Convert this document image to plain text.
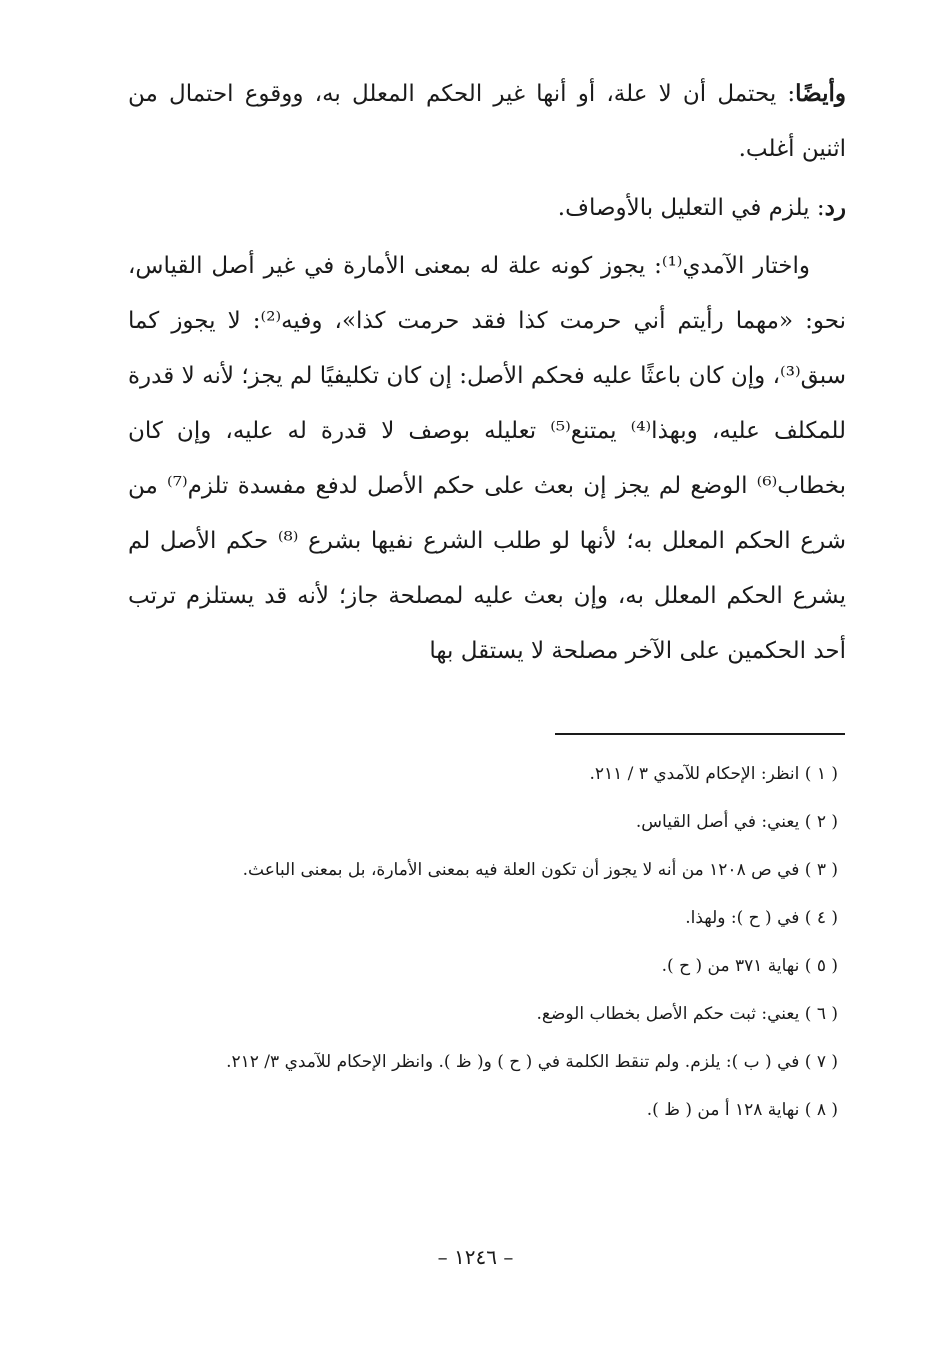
وأيضًا: يحتمل أن لا علة، أو أنها غير الحكم المعلل به، ووقوع احتمال من اثنين أغلب.

رد: يلزم في التعليل بالأوصاف.

واختار الآمدي⁽¹⁾: يجوز كونه علة له بمعنى الأمارة في غير أصل القياس، نحو: «مهما رأيتم أني حرمت كذا فقد حرمت كذا»، وفيه⁽²⁾: لا يجوز كما سبق⁽³⁾، وإن كان باعثًا عليه فحكم الأصل: إن كان تكليفيًا لم يجز؛ لأنه لا قدرة للمكلف عليه، وبهذا⁽⁴⁾ يمتنع⁽⁵⁾ تعليله بوصف لا قدرة له عليه، وإن كان بخطاب⁽⁶⁾ الوضع لم يجز إن بعث على حكم الأصل لدفع مفسدة تلزم⁽⁷⁾ من شرع الحكم المعلل به؛ لأنها لو طلب الشرع نفيها بشرع ⁽⁸⁾ حكم الأصل لم يشرع الحكم المعلل به، وإن بعث عليه لمصلحة جاز؛ لأنه قد يستلزم ترتب أحد الحكمين على الآخر مصلحة لا يستقل بها

( ١ ) انظر: الإحكام للآمدي ٣ / ٢١١.

( ٢ ) يعني: في أصل القياس.

( ٣ ) في ص ١٢٠٨ من أنه لا يجوز أن تكون العلة فيه بمعنى الأمارة، بل بمعنى الباعث.

( ٤ ) في ( ح ): ولهذا.

( ٥ ) نهاية ٣٧١ من ( ح ).

( ٦ ) يعني: ثبت حكم الأصل بخطاب الوضع.

( ٧ ) في ( ب ): يلزم. ولم تنقط الكلمة في ( ح ) و( ظ ). وانظر الإحكام للآمدي ٣/ ٢١٢.

( ٨ ) نهاية ١٢٨ أ من ( ظ ).

– ١٢٤٦ –
